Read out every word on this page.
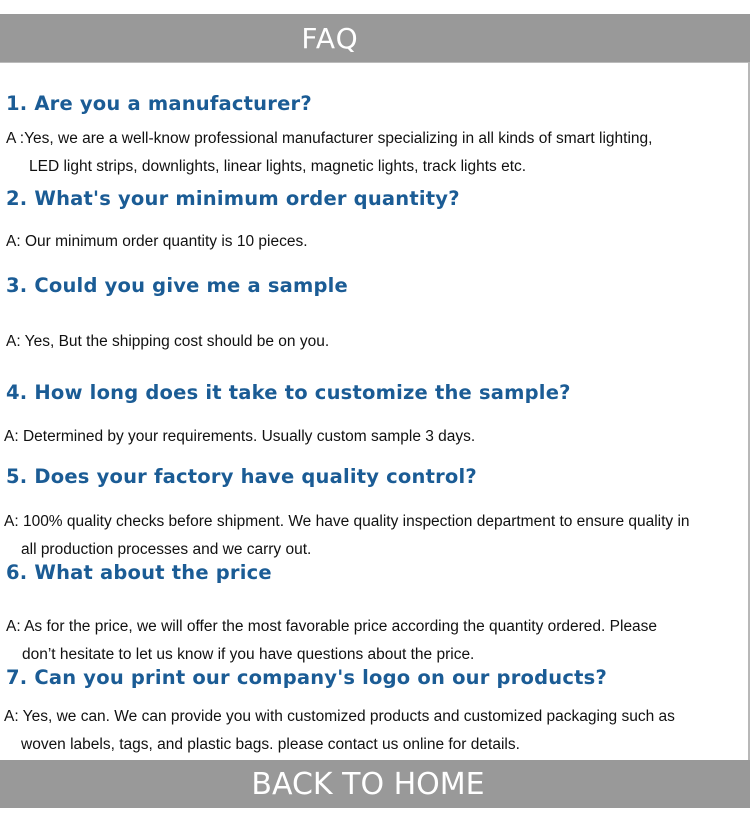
FAQ
1. Are you a manufacturer?
A :Yes, we are a well-know professional manufacturer specializing in all kinds of smart lighting,
LED light strips, downlights, linear lights, magnetic lights, track lights etc.
2. What's your minimum order quantity?
A: Our minimum order quantity is 10 pieces.
3. Could you give me a sample
A: Yes, But the shipping cost should be on you.
4. How long does it take to customize the sample?
A: Determined by your requirements. Usually custom sample 3 days.
5. Does your factory have quality control?
A: 100% quality checks before shipment. We have quality inspection department to ensure quality in
all production processes and we carry out.
6. What about the price
A: As for the price, we will offer the most favorable price according the quantity ordered. Please
don’t hesitate to let us know if you have questions about the price.
7. Can you print our company's logo on our products?
A: Yes, we can. We can provide you with customized products and customized packaging such as
woven labels, tags, and plastic bags. please contact us online for details.
BACK TO HOME
